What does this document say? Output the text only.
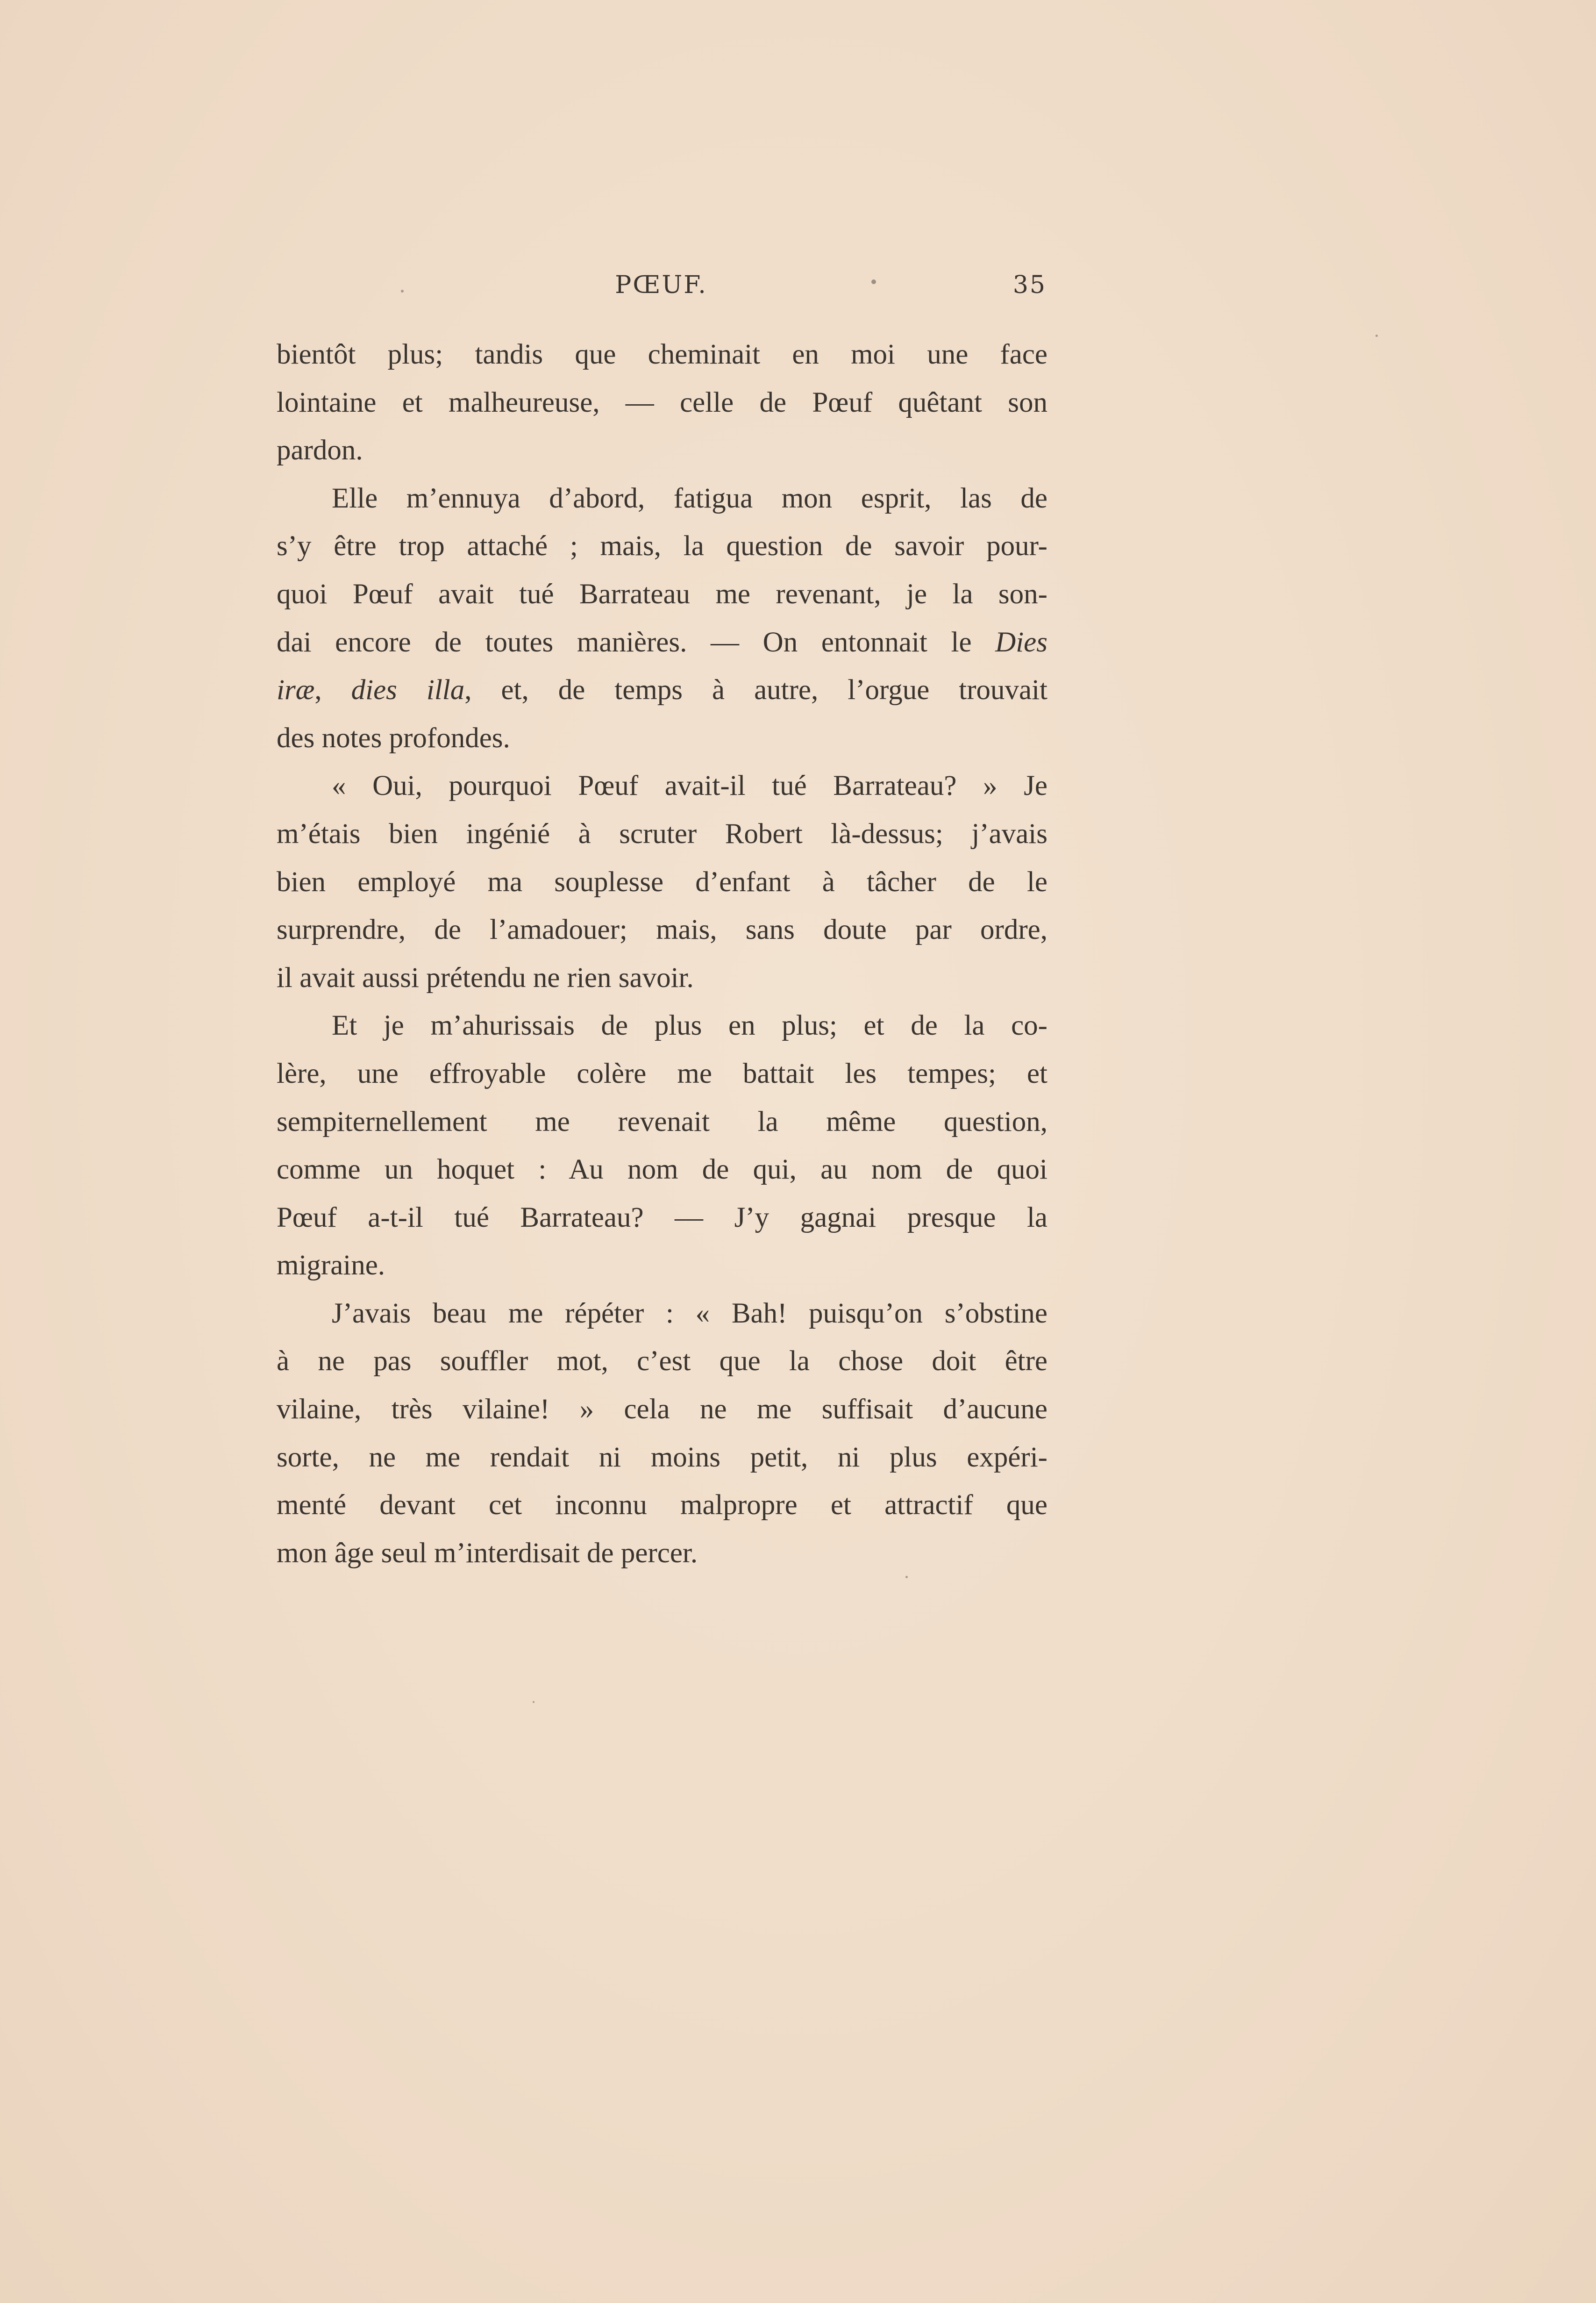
PŒUF.	35
bientôt plus; tandis que cheminait en moi une face
lointaine et malheureuse, — celle de Pœuf quêtant son
pardon.
Elle m’ennuya d’abord, fatigua mon esprit, las de
s’y être trop attaché ; mais, la question de savoir pour-
quoi Pœuf avait tué Barrateau me revenant, je la son-
dai encore de toutes manières. — On entonnait le Dies
iræ, dies illa, et, de temps à autre, l’orgue trouvait
des notes profondes.
« Oui, pourquoi Pœuf avait-il tué Barrateau? » Je
m’étais bien ingénié à scruter Robert là-dessus; j’avais
bien employé ma souplesse d’enfant à tâcher de le
surprendre, de l’amadouer; mais, sans doute par ordre,
il avait aussi prétendu ne rien savoir.
Et je m’ahurissais de plus en plus; et de la co-
lère, une effroyable colère me battait les tempes; et
sempiternellement me revenait la même question,
comme un hoquet : Au nom de qui, au nom de quoi
Pœuf a-t-il tué Barrateau? — J’y gagnai presque la
migraine.
J’avais beau me répéter : « Bah! puisqu’on s’obstine
à ne pas souffler mot, c’est que la chose doit être
vilaine, très vilaine! » cela ne me suffisait d’aucune
sorte, ne me rendait ni moins petit, ni plus expéri-
menté devant cet inconnu malpropre et attractif que
mon âge seul m’interdisait de percer.
